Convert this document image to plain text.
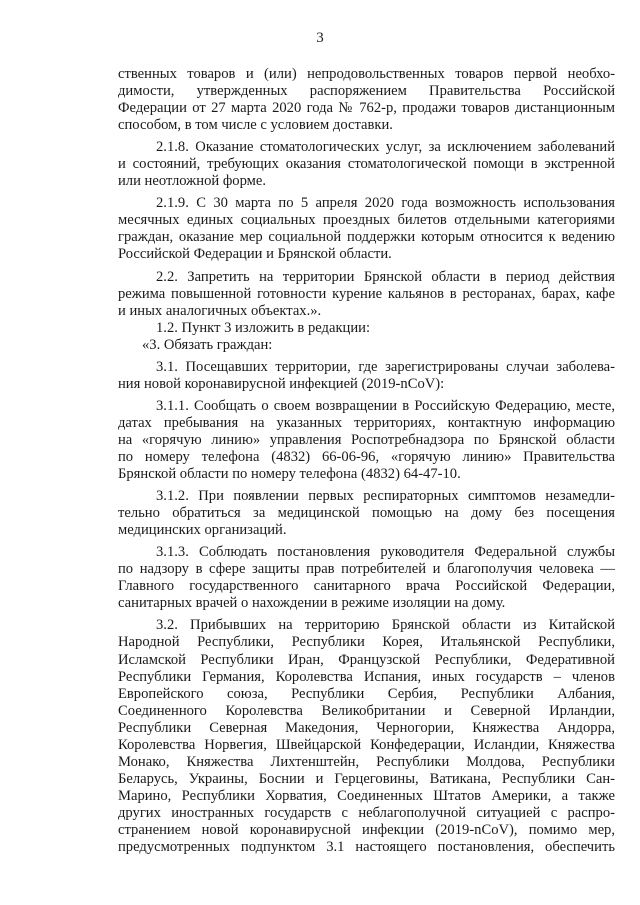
3
ственных товаров и (или) непродовольственных товаров первой необхо-
димости, утвержденных распоряжением Правительства Российской
Федерации от 27 марта 2020 года № 762-р, продажи товаров дистанционным
способом, в том числе с условием доставки.
2.1.8. Оказание стоматологических услуг, за исключением заболеваний
и состояний, требующих оказания стоматологической помощи в экстренной
или неотложной форме.
2.1.9. С 30 марта по 5 апреля 2020 года возможность использования
месячных единых социальных проездных билетов отдельными категориями
граждан, оказание мер социальной поддержки которым относится к ведению
Российской Федерации и Брянской области.
2.2. Запретить на территории Брянской области в период действия
режима повышенной готовности курение кальянов в ресторанах, барах, кафе
и иных аналогичных объектах.».
1.2. Пункт 3 изложить в редакции:
«3. Обязать граждан:
3.1. Посещавших территории, где зарегистрированы случаи заболева-
ния новой коронавирусной инфекцией (2019-nCoV):
3.1.1. Сообщать о своем возвращении в Российскую Федерацию, месте,
датах пребывания на указанных территориях, контактную информацию
на «горячую линию» управления Роспотребнадзора по Брянской области
по номеру телефона (4832) 66-06-96, «горячую линию» Правительства
Брянской области по номеру телефона (4832) 64-47-10.
3.1.2. При появлении первых респираторных симптомов незамедли-
тельно обратиться за медицинской помощью на дому без посещения
медицинских организаций.
3.1.3. Соблюдать постановления руководителя Федеральной службы
по надзору в сфере защиты прав потребителей и благополучия человека —
Главного государственного санитарного врача Российской Федерации,
санитарных врачей о нахождении в режиме изоляции на дому.
3.2. Прибывших на территорию Брянской области из Китайской
Народной Республики, Республики Корея, Итальянской Республики,
Исламской Республики Иран, Французской Республики, Федеративной
Республики Германия, Королевства Испания, иных государств – членов
Европейского союза, Республики Сербия, Республики Албания,
Соединенного Королевства Великобритании и Северной Ирландии,
Республики Северная Македония, Черногории, Княжества Андорра,
Королевства Норвегия, Швейцарской Конфедерации, Исландии, Княжества
Монако, Княжества Лихтенштейн, Республики Молдова, Республики
Беларусь, Украины, Боснии и Герцеговины, Ватикана, Республики Сан-
Марино, Республики Хорватия, Соединенных Штатов Америки, а также
других иностранных государств с неблагополучной ситуацией с распро-
странением новой коронавирусной инфекции (2019-nCoV), помимо мер,
предусмотренных подпунктом 3.1 настоящего постановления, обеспечить
